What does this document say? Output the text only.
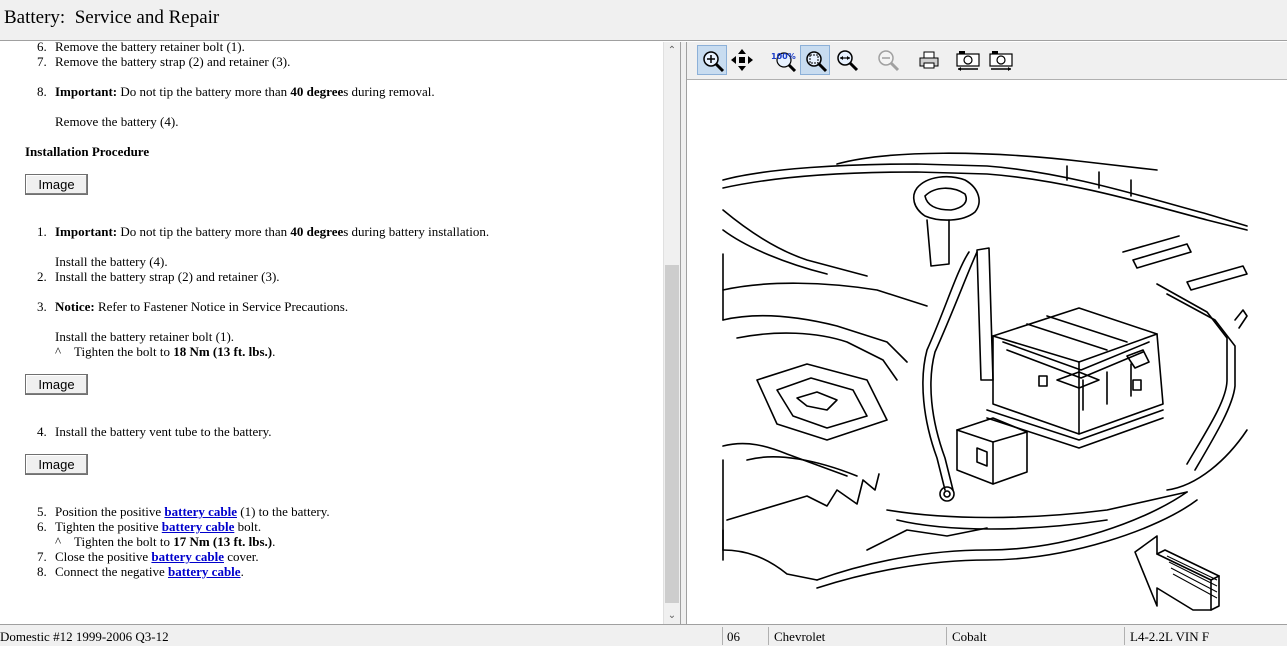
Battery:  Service and Repair
6. Remove the battery retainer bolt (1).
7. Remove the battery strap (2) and retainer (3).
8. Important: Do not tip the battery more than 40 degrees during removal.
Remove the battery (4).
Installation Procedure
Image
1. Important: Do not tip the battery more than 40 degrees during battery installation.
Install the battery (4).
2. Install the battery strap (2) and retainer (3).
3. Notice: Refer to Fastener Notice in Service Precautions.
Install the battery retainer bolt (1).
^ Tighten the bolt to 18 Nm (13 ft. lbs.).
Image
4. Install the battery vent tube to the battery.
Image
5. Position the positive battery cable (1) to the battery.
6. Tighten the positive battery cable bolt.
^ Tighten the bolt to 17 Nm (13 ft. lbs.).
7. Close the positive battery cable cover.
8. Connect the negative battery cable.
⌃
⌄
100%
Domestic #12 1999-2006 Q3-12	06	Chevrolet	Cobalt	L4-2.2L VIN F
